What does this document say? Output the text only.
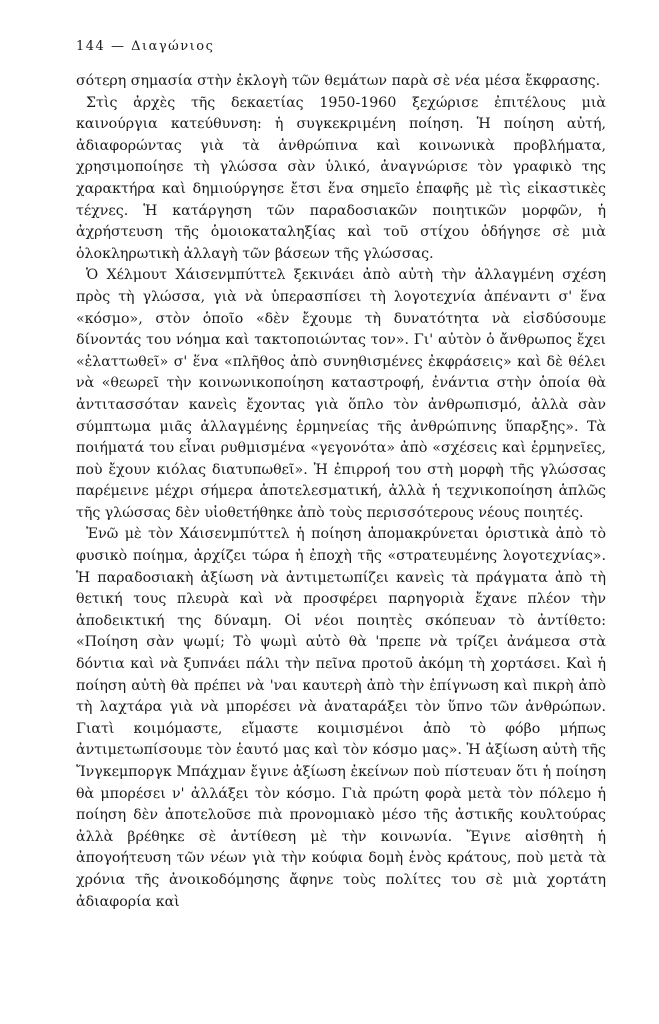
144 — Διαγώνιος

σότερη σημασία στὴν ἐκλογὴ τῶν θεμάτων παρὰ σὲ νέα μέσα ἔκφρασης.

Στὶς ἀρχὲς τῆς δεκαετίας 1950-1960 ξεχώρισε ἐπιτέλους μιὰ καινούργια κατεύθυνση: ἡ συγκεκριμένη ποίηση. Ἡ ποίηση αὐτή, ἀδιαφορώντας γιὰ τὰ ἀνθρώπινα καὶ κοινωνικὰ προβλήματα, χρησιμοποίησε τὴ γλώσσα σὰν ὑλικό, ἀναγνώρισε τὸν γραφικὸ της χαρακτήρα καὶ δημιούργησε ἔτσι ἕνα σημεῖο ἐπαφῆς μὲ τὶς εἰκαστικὲς τέχνες. Ἡ κατάργηση τῶν παραδοσιακῶν ποιητικῶν μορφῶν, ἡ ἀχρήστευση τῆς ὁμοιοκαταληξίας καὶ τοῦ στίχου ὁδήγησε σὲ μιὰ ὁλοκληρωτικὴ ἀλλαγὴ τῶν βάσεων τῆς γλώσσας.

Ὁ Χέλμουτ Χάισενμπύττελ ξεκινάει ἀπὸ αὐτὴ τὴν ἀλλαγμένη σχέση πρὸς τὴ γλώσσα, γιὰ νὰ ὑπερασπίσει τὴ λογοτεχνία ἀπέναντι σ' ἕνα «κόσμο», στὸν ὁποῖο «δὲν ἔχουμε τὴ δυνατότητα νὰ εἰσδύσουμε δίνοντάς του νόημα καὶ τακτοποιώντας τον». Γι' αὐτὸν ὁ ἄνθρωπος ἔχει «ἐλαττωθεῖ» σ' ἕνα «πλῆθος ἀπὸ συνηθισμένες ἐκφράσεις» καὶ δὲ θέλει νὰ «θεωρεῖ τὴν κοινωνικοποίηση καταστροφή, ἐνάντια στὴν ὁποία θὰ ἀντιτασσόταν κανεὶς ἔχοντας γιὰ ὅπλο τὸν ἀνθρωπισμό, ἀλλὰ σὰν σύμπτωμα μιᾶς ἀλλαγμένης ἑρμηνείας τῆς ἀνθρώπινης ὕπαρξης». Τὰ ποιήματά του εἶναι ρυθμισμένα «γεγονότα» ἀπὸ «σχέσεις καὶ ἑρμηνεῖες, ποὺ ἔχουν κιόλας διατυπωθεῖ». Ἡ ἐπιρροή του στὴ μορφὴ τῆς γλώσσας παρέμεινε μέχρι σήμερα ἀποτελεσματική, ἀλλὰ ἡ τεχνικοποίηση ἁπλῶς τῆς γλώσσας δὲν υἱοθετήθηκε ἀπὸ τοὺς περισσότερους νέους ποιητές.

Ἐνῶ μὲ τὸν Χάισενμπύττελ ἡ ποίηση ἀπομακρύνεται ὁριστικὰ ἀπὸ τὸ φυσικὸ ποίημα, ἀρχίζει τώρα ἡ ἐποχὴ τῆς «στρατευμένης λογοτεχνίας». Ἡ παραδοσιακὴ ἀξίωση νὰ ἀντιμετωπίζει κανεὶς τὰ πράγματα ἀπὸ τὴ θετική τους πλευρὰ καὶ νὰ προσφέρει παρηγοριὰ ἔχανε πλέον τὴν ἀποδεικτική της δύναμη. Οἱ νέοι ποιητὲς σκόπευαν τὸ ἀντίθετο: «Ποίηση σὰν ψωμί; Τὸ ψωμὶ αὐτὸ θὰ 'πρεπε νὰ τρίζει ἀνάμεσα στὰ δόντια καὶ νὰ ξυπνάει πάλι τὴν πεῖνα προτοῦ ἀκόμη τὴ χορτάσει. Καὶ ἡ ποίηση αὐτὴ θὰ πρέπει νὰ 'ναι καυτερὴ ἀπὸ τὴν ἐπίγνωση καὶ πικρὴ ἀπὸ τὴ λαχτάρα γιὰ νὰ μπορέσει νὰ ἀναταράξει τὸν ὕπνο τῶν ἀνθρώπων. Γιατὶ κοιμόμαστε, εἴμαστε κοιμισμένοι ἀπὸ τὸ φόβο μήπως ἀντιμετωπίσουμε τὸν ἑαυτό μας καὶ τὸν κόσμο μας». Ἡ ἀξίωση αὐτὴ τῆς Ἴνγκεμποργκ Μπάχμαν ἔγινε ἀξίωση ἐκείνων ποὺ πίστευαν ὅτι ἡ ποίηση θὰ μπορέσει ν' ἀλλάξει τὸν κόσμο. Γιὰ πρώτη φορὰ μετὰ τὸν πόλεμο ἡ ποίηση δὲν ἀποτελοῦσε πιὰ προνομιακὸ μέσο τῆς ἀστικῆς κουλτούρας ἀλλὰ βρέθηκε σὲ ἀντίθεση μὲ τὴν κοινωνία. Ἔγινε αἰσθητὴ ἡ ἀπογοήτευση τῶν νέων γιὰ τὴν κούφια δομὴ ἑνὸς κράτους, ποὺ μετὰ τὰ χρόνια τῆς ἀνοικοδόμησης ἄφηνε τοὺς πολίτες του σὲ μιὰ χορτάτη ἀδιαφορία καὶ
